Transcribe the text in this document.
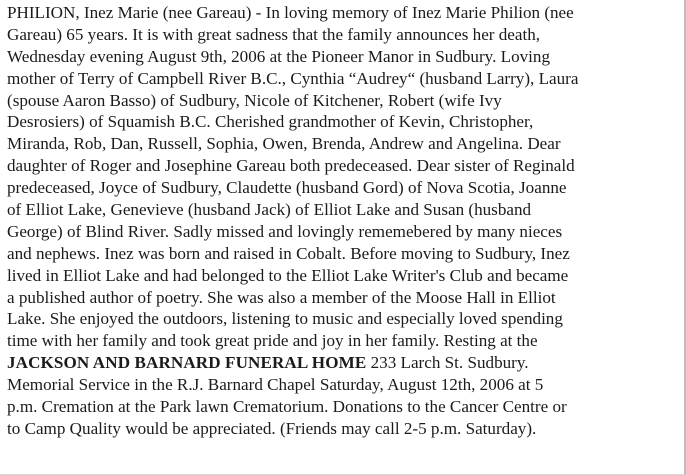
PHILION, Inez Marie (nee Gareau) - In loving memory of Inez Marie Philion (nee
Gareau) 65 years. It is with great sadness that the family announces her death,
Wednesday evening August 9th, 2006 at the Pioneer Manor in Sudbury. Loving
mother of Terry of Campbell River B.C., Cynthia “Audrey“ (husband Larry), Laura
(spouse Aaron Basso) of Sudbury, Nicole of Kitchener, Robert (wife Ivy
Desrosiers) of Squamish B.C. Cherished grandmother of Kevin, Christopher,
Miranda, Rob, Dan, Russell, Sophia, Owen, Brenda, Andrew and Angelina. Dear
daughter of Roger and Josephine Gareau both predeceased. Dear sister of Reginald
predeceased, Joyce of Sudbury, Claudette (husband Gord) of Nova Scotia, Joanne
of Elliot Lake, Genevieve (husband Jack) of Elliot Lake and Susan (husband
George) of Blind River. Sadly missed and lovingly rememebered by many nieces
and nephews. Inez was born and raised in Cobalt. Before moving to Sudbury, Inez
lived in Elliot Lake and had belonged to the Elliot Lake Writer's Club and became
a published author of poetry. She was also a member of the Moose Hall in Elliot
Lake. She enjoyed the outdoors, listening to music and especially loved spending
time with her family and took great pride and joy in her family. Resting at the
JACKSON AND BARNARD FUNERAL HOME 233 Larch St. Sudbury.
Memorial Service in the R.J. Barnard Chapel Saturday, August 12th, 2006 at 5
p.m. Cremation at the Park lawn Crematorium. Donations to the Cancer Centre or
to Camp Quality would be appreciated. (Friends may call 2-5 p.m. Saturday).
